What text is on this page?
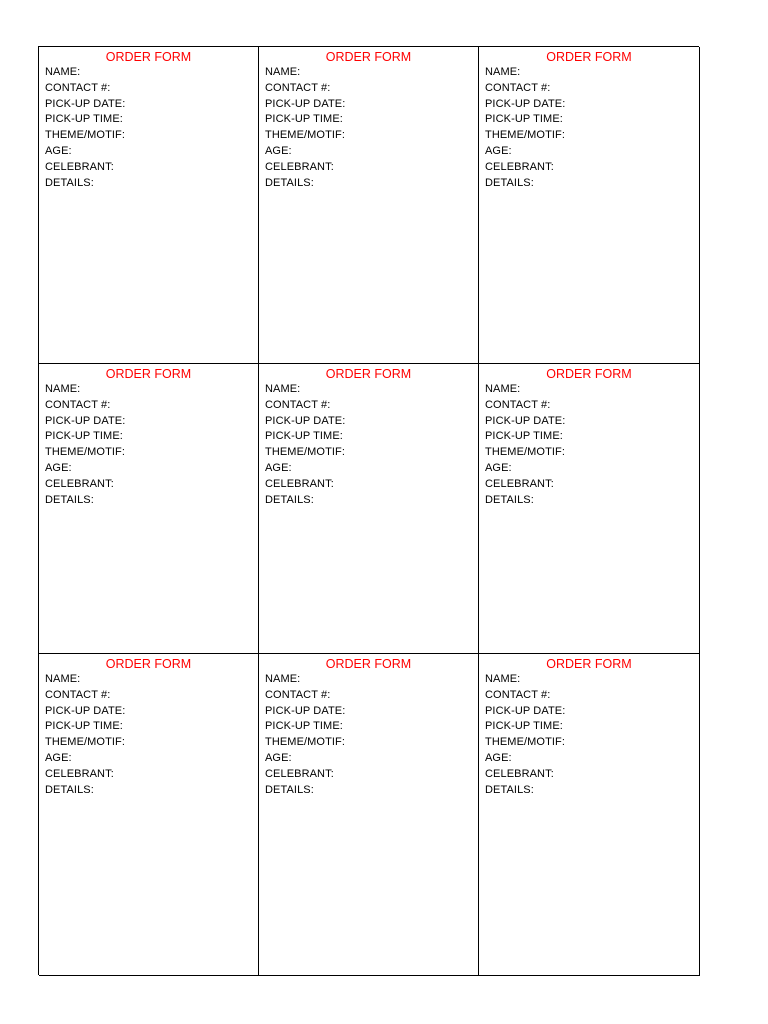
ORDER FORM
NAME:
CONTACT #:
PICK-UP DATE:
PICK-UP TIME:
THEME/MOTIF:
AGE:
CELEBRANT:
DETAILS:
ORDER FORM
NAME:
CONTACT #:
PICK-UP DATE:
PICK-UP TIME:
THEME/MOTIF:
AGE:
CELEBRANT:
DETAILS:
ORDER FORM
NAME:
CONTACT #:
PICK-UP DATE:
PICK-UP TIME:
THEME/MOTIF:
AGE:
CELEBRANT:
DETAILS:
ORDER FORM
NAME:
CONTACT #:
PICK-UP DATE:
PICK-UP TIME:
THEME/MOTIF:
AGE:
CELEBRANT:
DETAILS:
ORDER FORM
NAME:
CONTACT #:
PICK-UP DATE:
PICK-UP TIME:
THEME/MOTIF:
AGE:
CELEBRANT:
DETAILS:
ORDER FORM
NAME:
CONTACT #:
PICK-UP DATE:
PICK-UP TIME:
THEME/MOTIF:
AGE:
CELEBRANT:
DETAILS:
ORDER FORM
NAME:
CONTACT #:
PICK-UP DATE:
PICK-UP TIME:
THEME/MOTIF:
AGE:
CELEBRANT:
DETAILS:
ORDER FORM
NAME:
CONTACT #:
PICK-UP DATE:
PICK-UP TIME:
THEME/MOTIF:
AGE:
CELEBRANT:
DETAILS:
ORDER FORM
NAME:
CONTACT #:
PICK-UP DATE:
PICK-UP TIME:
THEME/MOTIF:
AGE:
CELEBRANT:
DETAILS:
